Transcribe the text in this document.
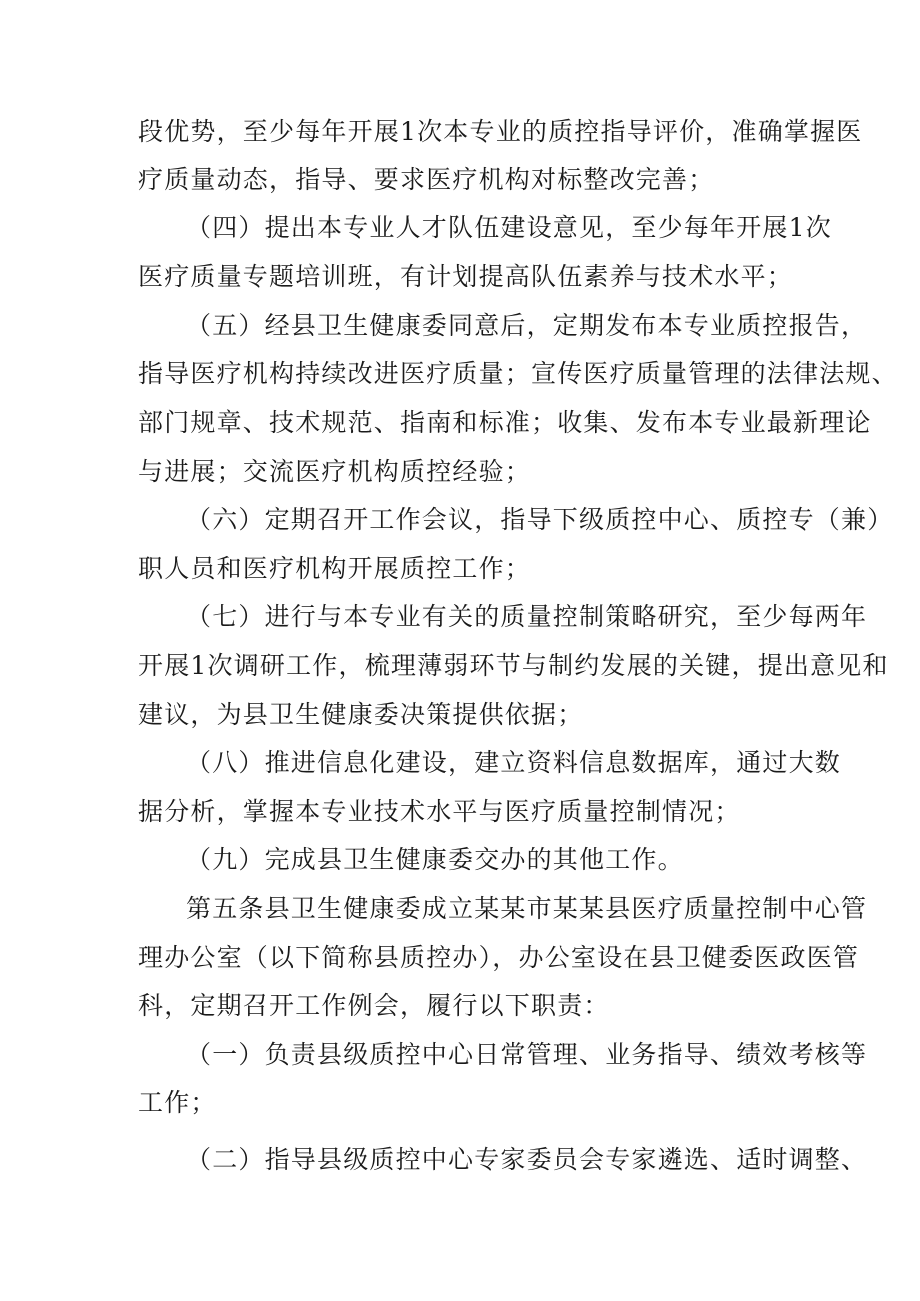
段优势，至少每年开展1次本专业的质控指导评价，准确掌握医
疗质量动态，指导、要求医疗机构对标整改完善；
（四）提出本专业人才队伍建设意见，至少每年开展1次
医疗质量专题培训班，有计划提高队伍素养与技术水平；
（五）经县卫生健康委同意后，定期发布本专业质控报告，
指导医疗机构持续改进医疗质量；宣传医疗质量管理的法律法规、
部门规章、技术规范、指南和标准；收集、发布本专业最新理论
与进展；交流医疗机构质控经验；
（六）定期召开工作会议，指导下级质控中心、质控专（兼）
职人员和医疗机构开展质控工作；
（七）进行与本专业有关的质量控制策略研究，至少每两年
开展1次调研工作，梳理薄弱环节与制约发展的关键，提出意见和
建议，为县卫生健康委决策提供依据；
（八）推进信息化建设，建立资料信息数据库，通过大数
据分析，掌握本专业技术水平与医疗质量控制情况；
（九）完成县卫生健康委交办的其他工作。
第五条县卫生健康委成立某某市某某县医疗质量控制中心管
理办公室（以下简称县质控办），办公室设在县卫健委医政医管
科，定期召开工作例会，履行以下职责：
（一）负责县级质控中心日常管理、业务指导、绩效考核等
工作；
（二）指导县级质控中心专家委员会专家遴选、适时调整、
